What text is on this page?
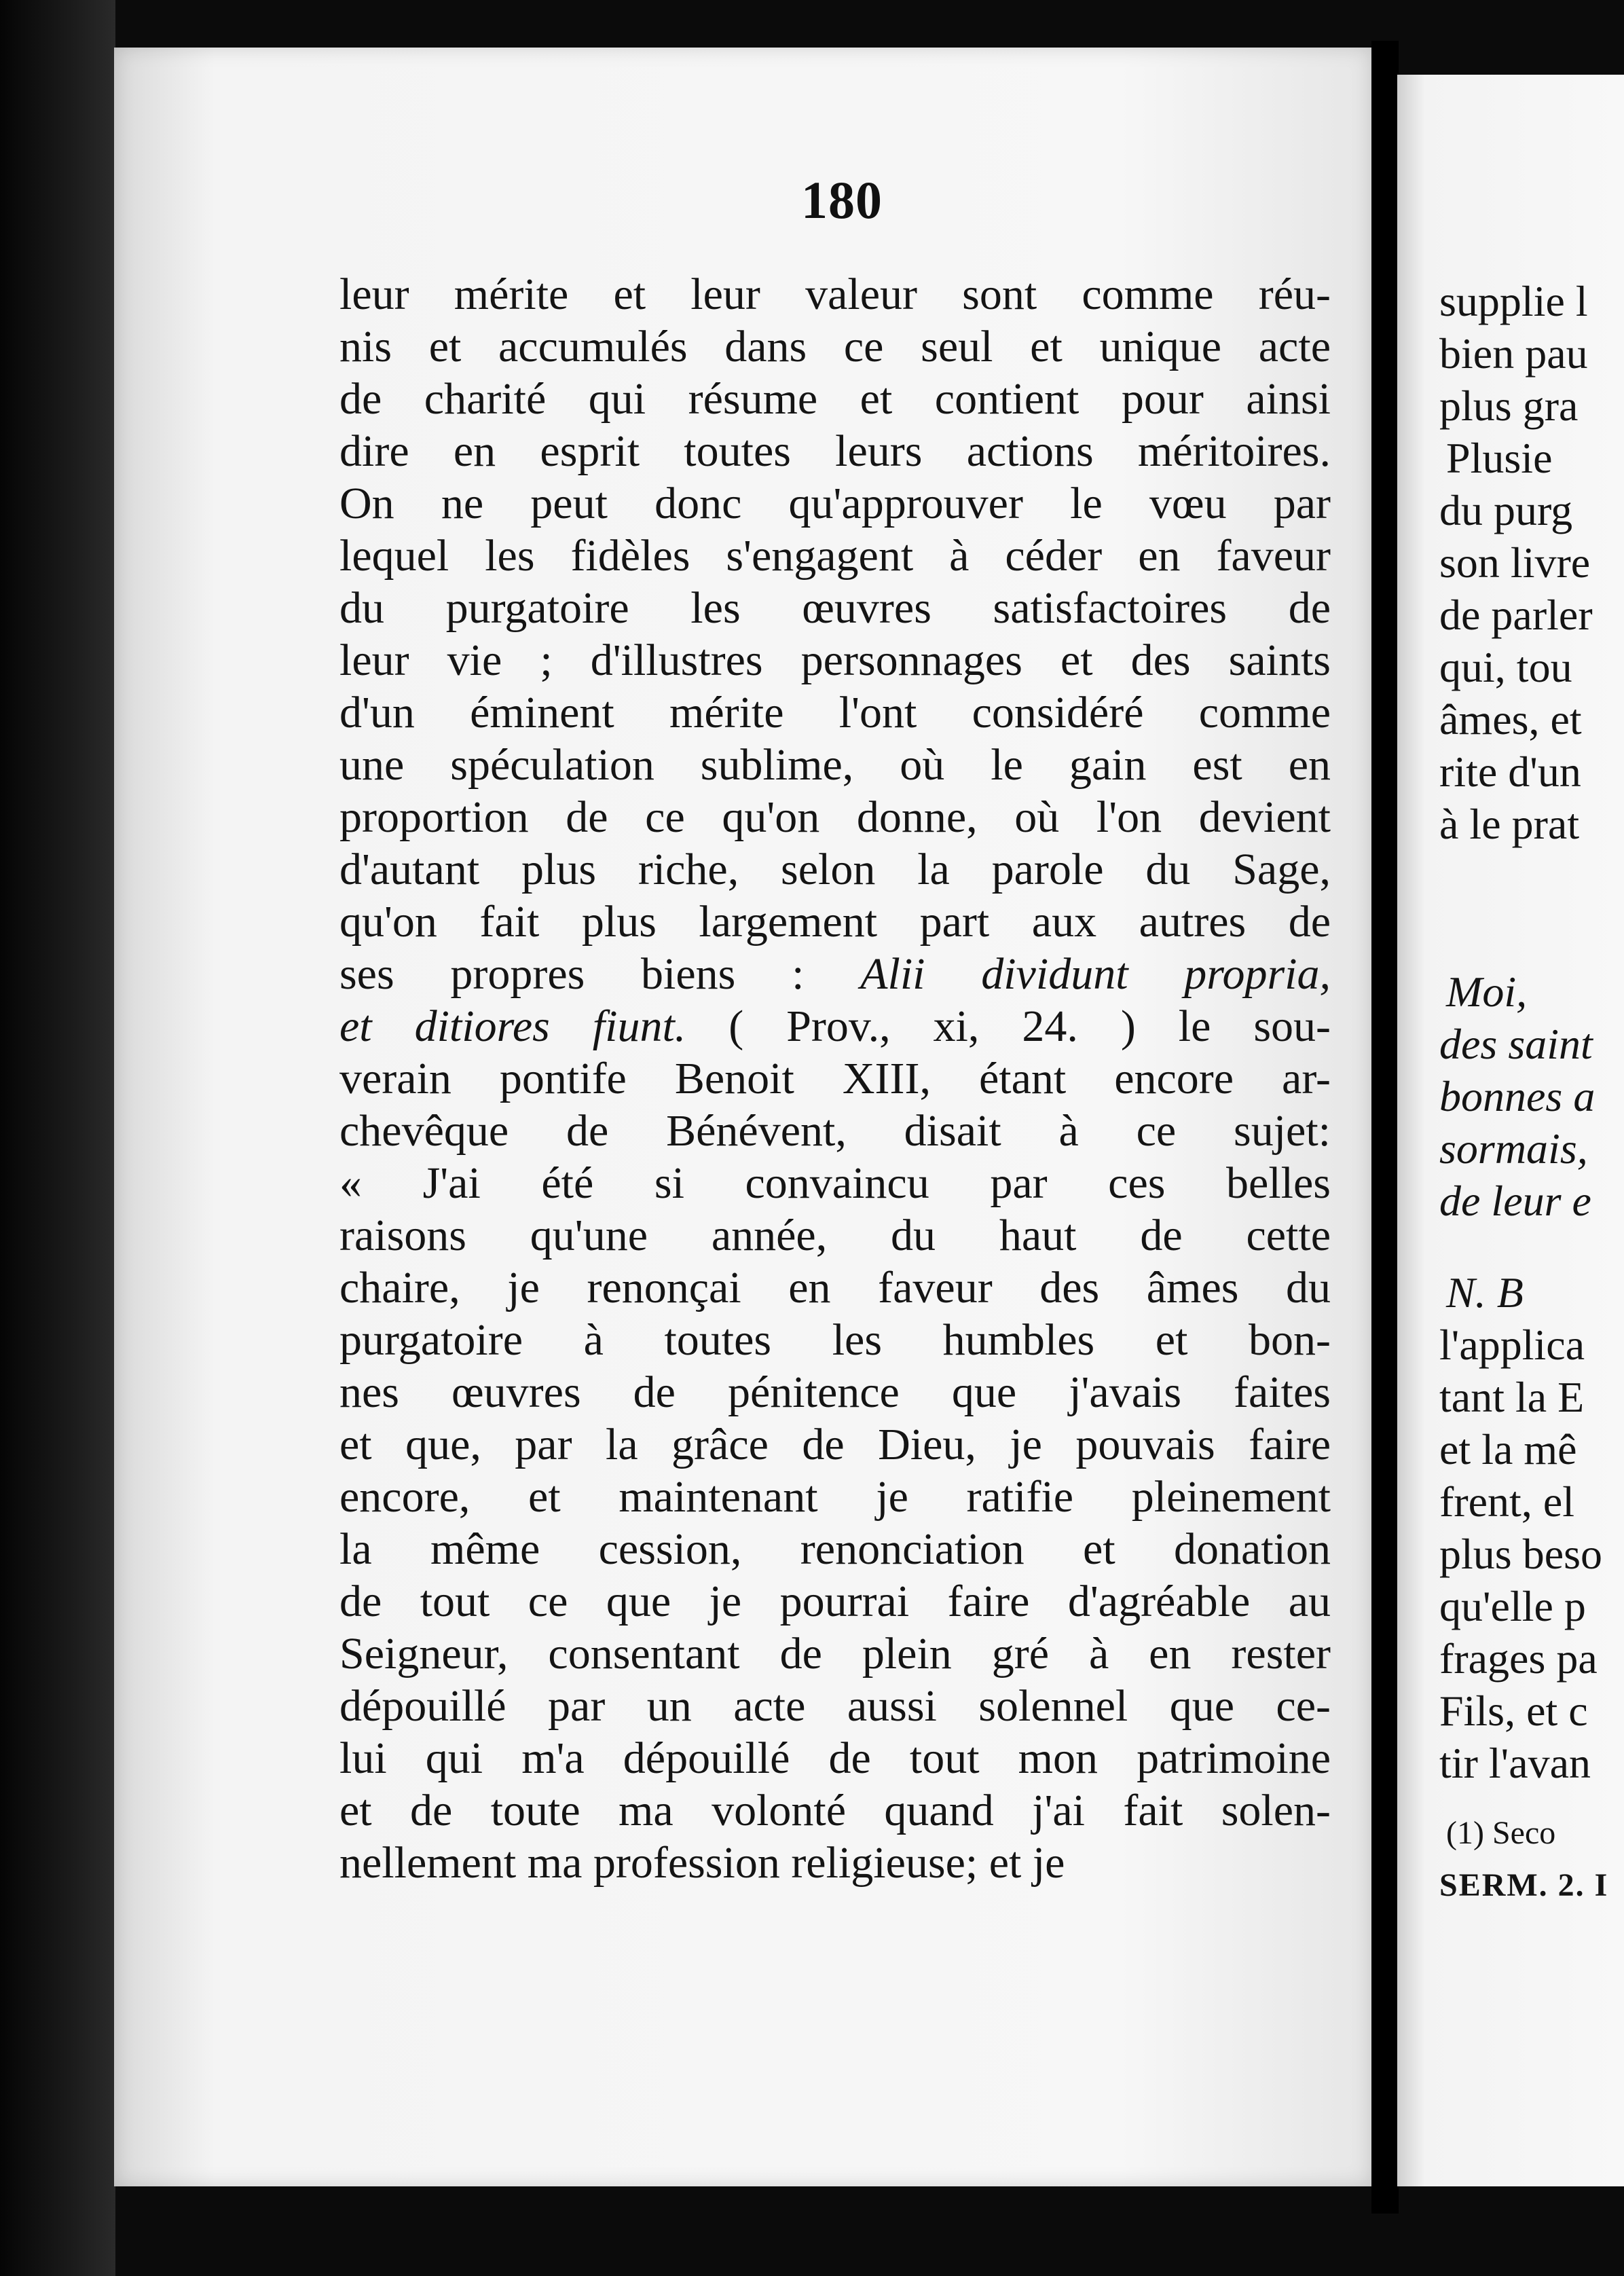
180
leur mérite et leur valeur sont comme réu-
nis et accumulés dans ce seul et unique acte
de charité qui résume et contient pour ainsi
dire en esprit toutes leurs actions méritoires.
On ne peut donc qu'approuver le vœu par
lequel les fidèles s'engagent à céder en faveur
du purgatoire les œuvres satisfactoires de
leur vie ; d'illustres personnages et des saints
d'un éminent mérite l'ont considéré comme
une spéculation sublime, où le gain est en
proportion de ce qu'on donne, où l'on devient
d'autant plus riche, selon la parole du Sage,
qu'on fait plus largement part aux autres de
ses propres biens : Alii dividunt propria,
et ditiores fiunt. ( Prov., xi, 24. ) le sou-
verain pontife Benoit XIII, étant encore ar-
chevêque de Bénévent, disait à ce sujet:
« J'ai été si convaincu par ces belles
raisons qu'une année, du haut de cette
chaire, je renonçai en faveur des âmes du
purgatoire à toutes les humbles et bon-
nes œuvres de pénitence que j'avais faites
et que, par la grâce de Dieu, je pouvais faire
encore, et maintenant je ratifie pleinement
la même cession, renonciation et donation
de tout ce que je pourrai faire d'agréable au
Seigneur, consentant de plein gré à en rester
dépouillé par un acte aussi solennel que ce-
lui qui m'a dépouillé de tout mon patrimoine
et de toute ma volonté quand j'ai fait solen-
nellement ma profession religieuse; et je
supplie l
bien pau
plus gra
Plusie
du purg
son livre
de parler
qui, tou
âmes, et
rite d'un
à le prat
Moi,
des saint
bonnes a
sormais,
de leur e
N. B
l'applica
tant la E
et la mê
frent, el
plus beso
qu'elle p
frages pa
Fils, et c
tir l'avan
(1) Seco
SERM. 2. I
